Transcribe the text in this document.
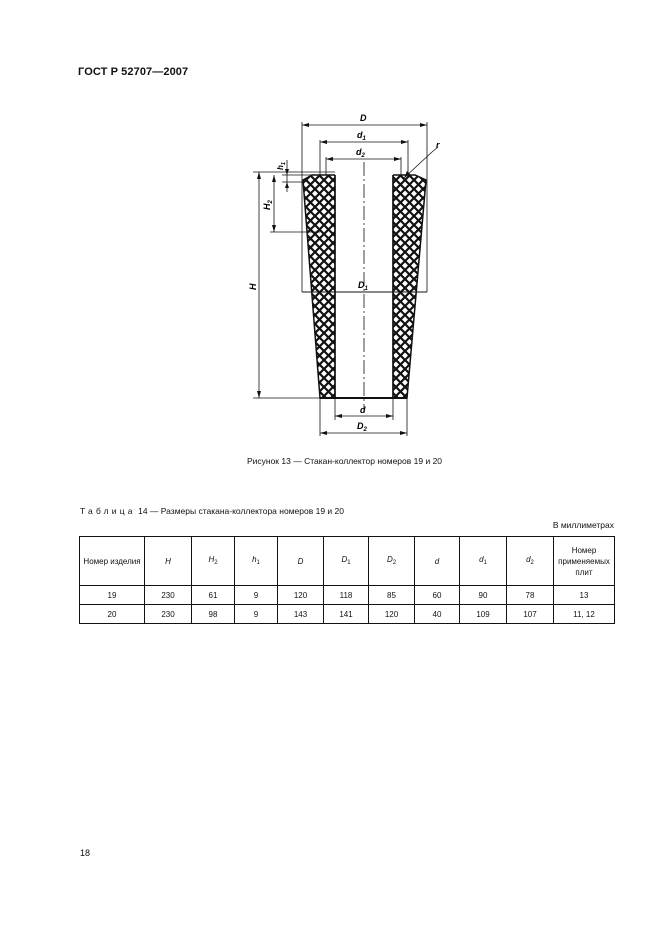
ГОСТ Р 52707—2007
D
$d_1$
$d_2$
r
$h_1$
$H_2$
H	$D_1$
d
$D_2$
Рисунок 13 — Стакан-коллектор номеров 19 и 20
Таблица 14 — Размеры стакана-коллектора номеров 19 и 20
В миллиметрах
Номер изделия	H	$H_2$	$h_1$	D	$D_1$	$D_2$	d	$d_1$	$d_2$	Номер применяемых плит
19	230	61	9	120	118	85	60	90	78	13
20	230	98	9	143	141	120	40	109	107	11, 12
18
